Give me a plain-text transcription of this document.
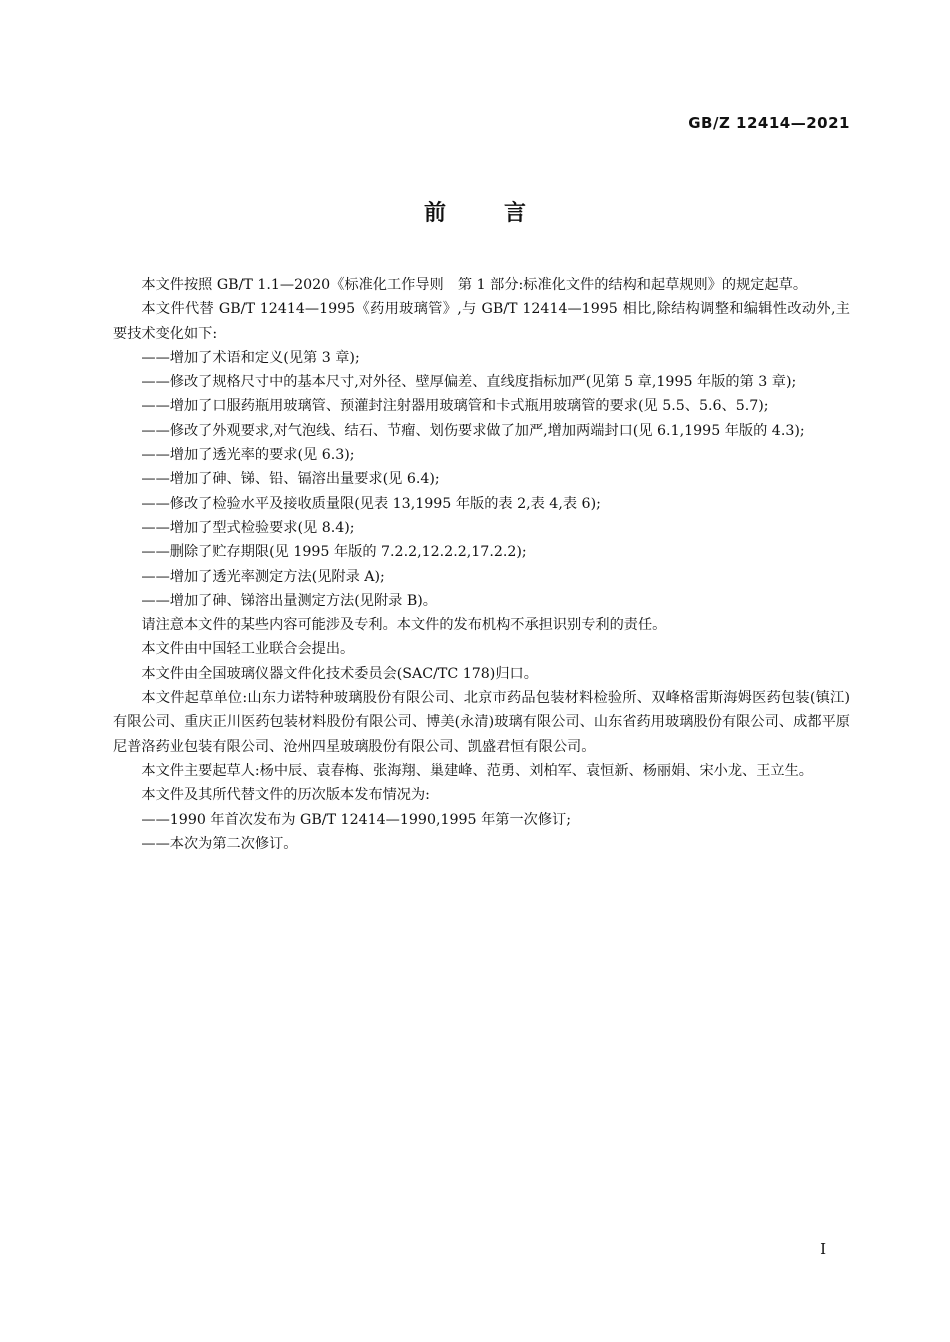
GB/Z 12414—2021
前言

本文件按照 GB/T 1.1—2020《标准化工作导则　第 1 部分:标准化文件的结构和起草规则》的规定起草。

本文件代替 GB/T 12414—1995《药用玻璃管》,与 GB/T 12414—1995 相比,除结构调整和编辑性改动外,主要技术变化如下:

——增加了术语和定义(见第 3 章);

——修改了规格尺寸中的基本尺寸,对外径、壁厚偏差、直线度指标加严(见第 5 章,1995 年版的第 3 章);

——增加了口服药瓶用玻璃管、预灌封注射器用玻璃管和卡式瓶用玻璃管的要求(见 5.5、5.6、5.7);

——修改了外观要求,对气泡线、结石、节瘤、划伤要求做了加严,增加两端封口(见 6.1,1995 年版的 4.3);

——增加了透光率的要求(见 6.3);

——增加了砷、锑、铅、镉溶出量要求(见 6.4);

——修改了检验水平及接收质量限(见表 13,1995 年版的表 2,表 4,表 6);

——增加了型式检验要求(见 8.4);

——删除了贮存期限(见 1995 年版的 7.2.2,12.2.2,17.2.2);

——增加了透光率测定方法(见附录 A);

——增加了砷、锑溶出量测定方法(见附录 B)。

请注意本文件的某些内容可能涉及专利。本文件的发布机构不承担识别专利的责任。

本文件由中国轻工业联合会提出。

本文件由全国玻璃仪器文件化技术委员会(SAC/TC 178)归口。

本文件起草单位:山东力诺特种玻璃股份有限公司、北京市药品包装材料检验所、双峰格雷斯海姆医药包装(镇江)有限公司、重庆正川医药包装材料股份有限公司、博美(永清)玻璃有限公司、山东省药用玻璃股份有限公司、成都平原尼普洛药业包装有限公司、沧州四星玻璃股份有限公司、凯盛君恒有限公司。

本文件主要起草人:杨中辰、袁春梅、张海翔、巢建峰、范勇、刘柏军、袁恒新、杨丽娟、宋小龙、王立生。

本文件及其所代替文件的历次版本发布情况为:

——1990 年首次发布为 GB/T 12414—1990,1995 年第一次修订;

——本次为第二次修订。

I
